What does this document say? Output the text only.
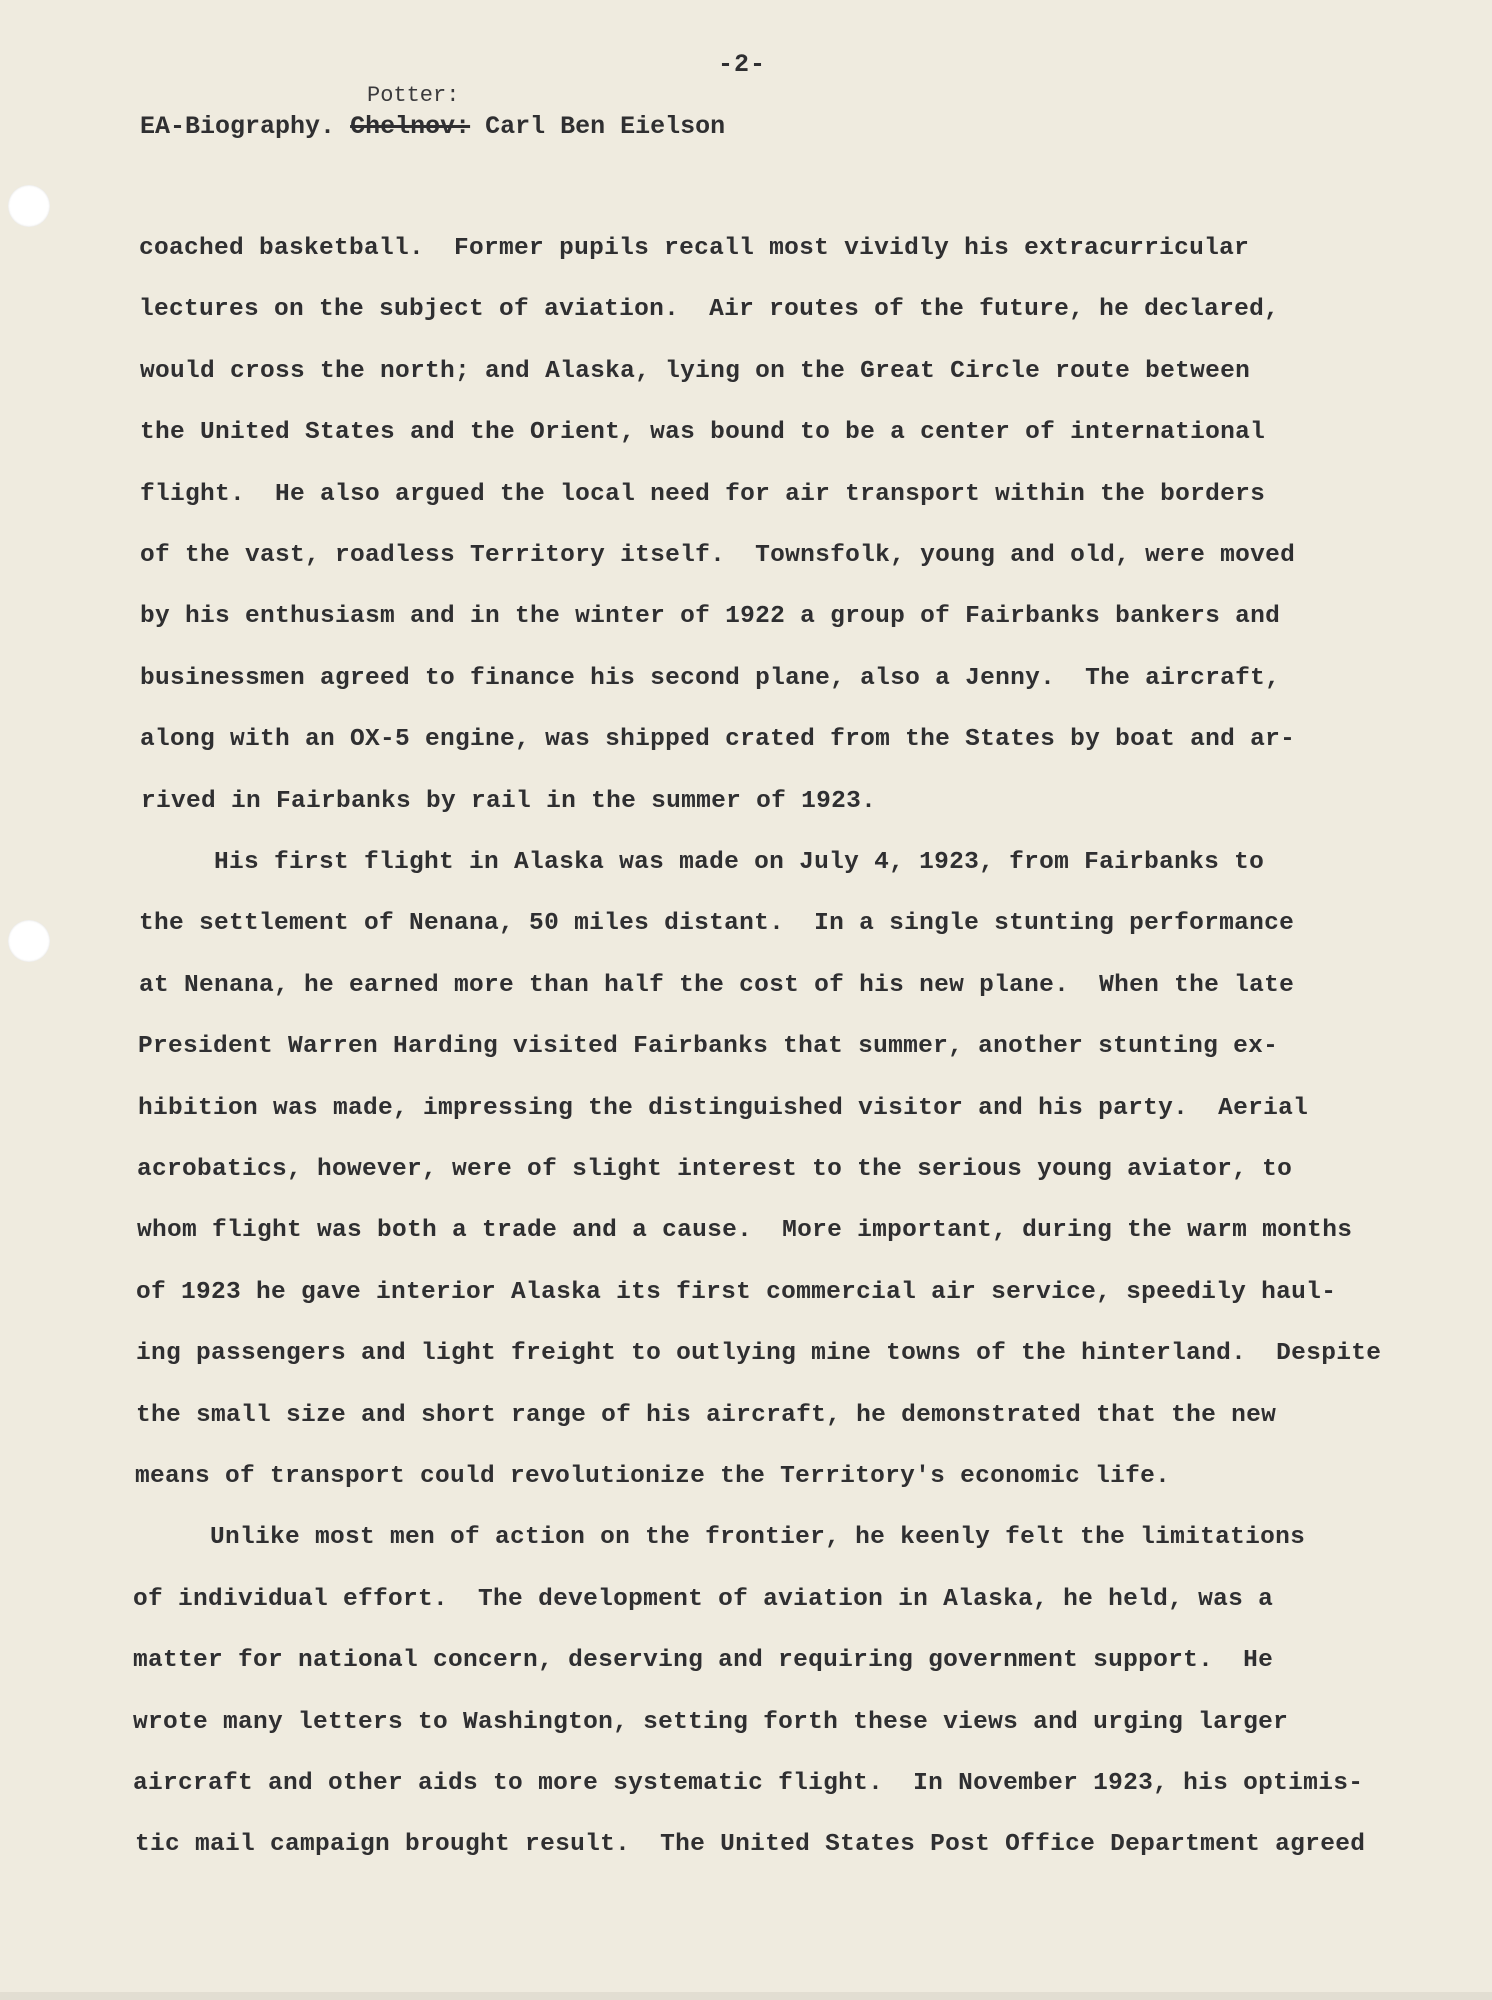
-2-
Potter:
EA-Biography. Chelnov: Carl Ben Eielson
coached basketball.  Former pupils recall most vividly his extracurricular
lectures on the subject of aviation.  Air routes of the future, he declared,
would cross the north; and Alaska, lying on the Great Circle route between
the United States and the Orient, was bound to be a center of international
flight.  He also argued the local need for air transport within the borders
of the vast, roadless Territory itself.  Townsfolk, young and old, were moved
by his enthusiasm and in the winter of 1922 a group of Fairbanks bankers and
businessmen agreed to finance his second plane, also a Jenny.  The aircraft,
along with an OX-5 engine, was shipped crated from the States by boat and ar-
rived in Fairbanks by rail in the summer of 1923.
His first flight in Alaska was made on July 4, 1923, from Fairbanks to
the settlement of Nenana, 50 miles distant.  In a single stunting performance
at Nenana, he earned more than half the cost of his new plane.  When the late
President Warren Harding visited Fairbanks that summer, another stunting ex-
hibition was made, impressing the distinguished visitor and his party.  Aerial
acrobatics, however, were of slight interest to the serious young aviator, to
whom flight was both a trade and a cause.  More important, during the warm months
of 1923 he gave interior Alaska its first commercial air service, speedily haul-
ing passengers and light freight to outlying mine towns of the hinterland.  Despite
the small size and short range of his aircraft, he demonstrated that the new
means of transport could revolutionize the Territory's economic life.
Unlike most men of action on the frontier, he keenly felt the limitations
of individual effort.  The development of aviation in Alaska, he held, was a
matter for national concern, deserving and requiring government support.  He
wrote many letters to Washington, setting forth these views and urging larger
aircraft and other aids to more systematic flight.  In November 1923, his optimis-
tic mail campaign brought result.  The United States Post Office Department agreed
